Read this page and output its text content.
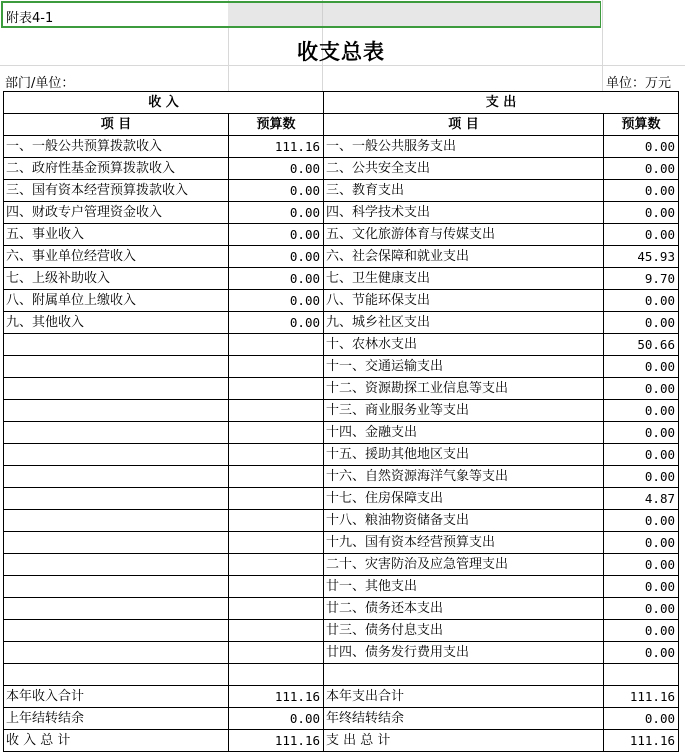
附表4-1
收支总表
部门/单位：	单位：万元
收 入		支 出	
项 目	预算数	项 目	预算数
一、一般公共预算拨款收入	111.16	一、一般公共服务支出	0.00
二、政府性基金预算拨款收入	0.00	二、公共安全支出	0.00
三、国有资本经营预算拨款收入	0.00	三、教育支出	0.00
四、财政专户管理资金收入	0.00	四、科学技术支出	0.00
五、事业收入	0.00	五、文化旅游体育与传媒支出	0.00
六、事业单位经营收入	0.00	六、社会保障和就业支出	45.93
七、上级补助收入	0.00	七、卫生健康支出	9.70
八、附属单位上缴收入	0.00	八、节能环保支出	0.00
九、其他收入	0.00	九、城乡社区支出	0.00
		十、农林水支出	50.66
		十一、交通运输支出	0.00
		十二、资源勘探工业信息等支出	0.00
		十三、商业服务业等支出	0.00
		十四、金融支出	0.00
		十五、援助其他地区支出	0.00
		十六、自然资源海洋气象等支出	0.00
		十七、住房保障支出	4.87
		十八、粮油物资储备支出	0.00
		十九、国有资本经营预算支出	0.00
		二十、灾害防治及应急管理支出	0.00
		廿一、其他支出	0.00
		廿二、债务还本支出	0.00
		廿三、债务付息支出	0.00
		廿四、债务发行费用支出	0.00

本年收入合计	111.16	本年支出合计	111.16
上年结转结余	0.00	年终结转结余	0.00
收 入 总 计	111.16	支 出 总 计	111.16
